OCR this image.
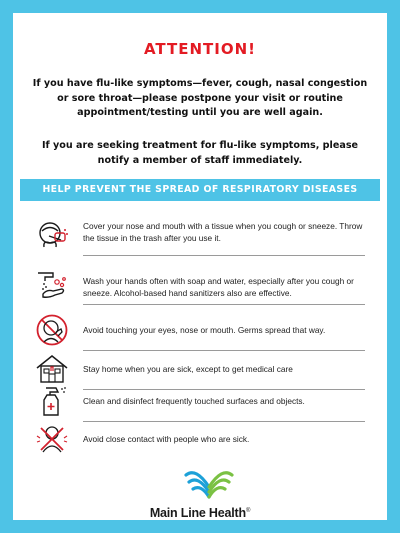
ATTENTION!
If you have flu-like symptoms—fever, cough, nasal congestion or sore throat—please postpone your visit or routine appointment/testing until you are well again.
If you are seeking treatment for flu-like symptoms, please notify a member of staff immediately.
HELP PREVENT THE SPREAD OF RESPIRATORY DISEASES
Cover your nose and mouth with a tissue when you cough or sneeze. Throw the tissue in the trash after you use it.
Wash your hands often with soap and water, especially after you cough or sneeze. Alcohol-based hand sanitizers also are effective.
Avoid touching your eyes, nose or mouth. Germs spread that way.
Stay home when you are sick, except to get medical care
Clean and disinfect frequently touched surfaces and objects.
Avoid close contact with people who are sick.
Main Line Health®
